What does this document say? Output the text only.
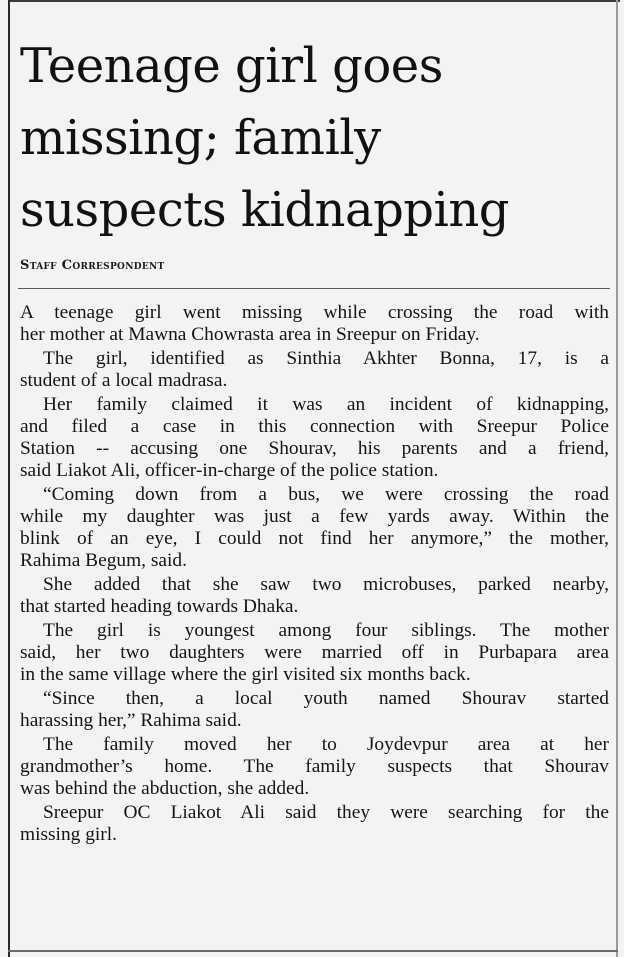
Teenage girl goes
missing; family
suspects kidnapping
Staff Correspondent

A teenage girl went missing while crossing the road with

her mother at Mawna Chowrasta area in Sreepur on Friday.

The girl, identified as Sinthia Akhter Bonna, 17, is a

student of a local madrasa.

Her family claimed it was an incident of kidnapping,

and filed a case in this connection with Sreepur Police

Station -- accusing one Shourav, his parents and a friend,

said Liakot Ali, officer-in-charge of the police station.

“Coming down from a bus, we were crossing the road

while my daughter was just a few yards away. Within the

blink of an eye, I could not find her anymore,” the mother,

Rahima Begum, said.

She added that she saw two microbuses, parked nearby,

that started heading towards Dhaka.

The girl is youngest among four siblings. The mother

said, her two daughters were married off in Purbapara area

in the same village where the girl visited six months back.

“Since then, a local youth named Shourav started

harassing her,” Rahima said.

The family moved her to Joydevpur area at her

grandmother’s home. The family suspects that Shourav

was behind the abduction, she added.

Sreepur OC Liakot Ali said they were searching for the

missing girl.
